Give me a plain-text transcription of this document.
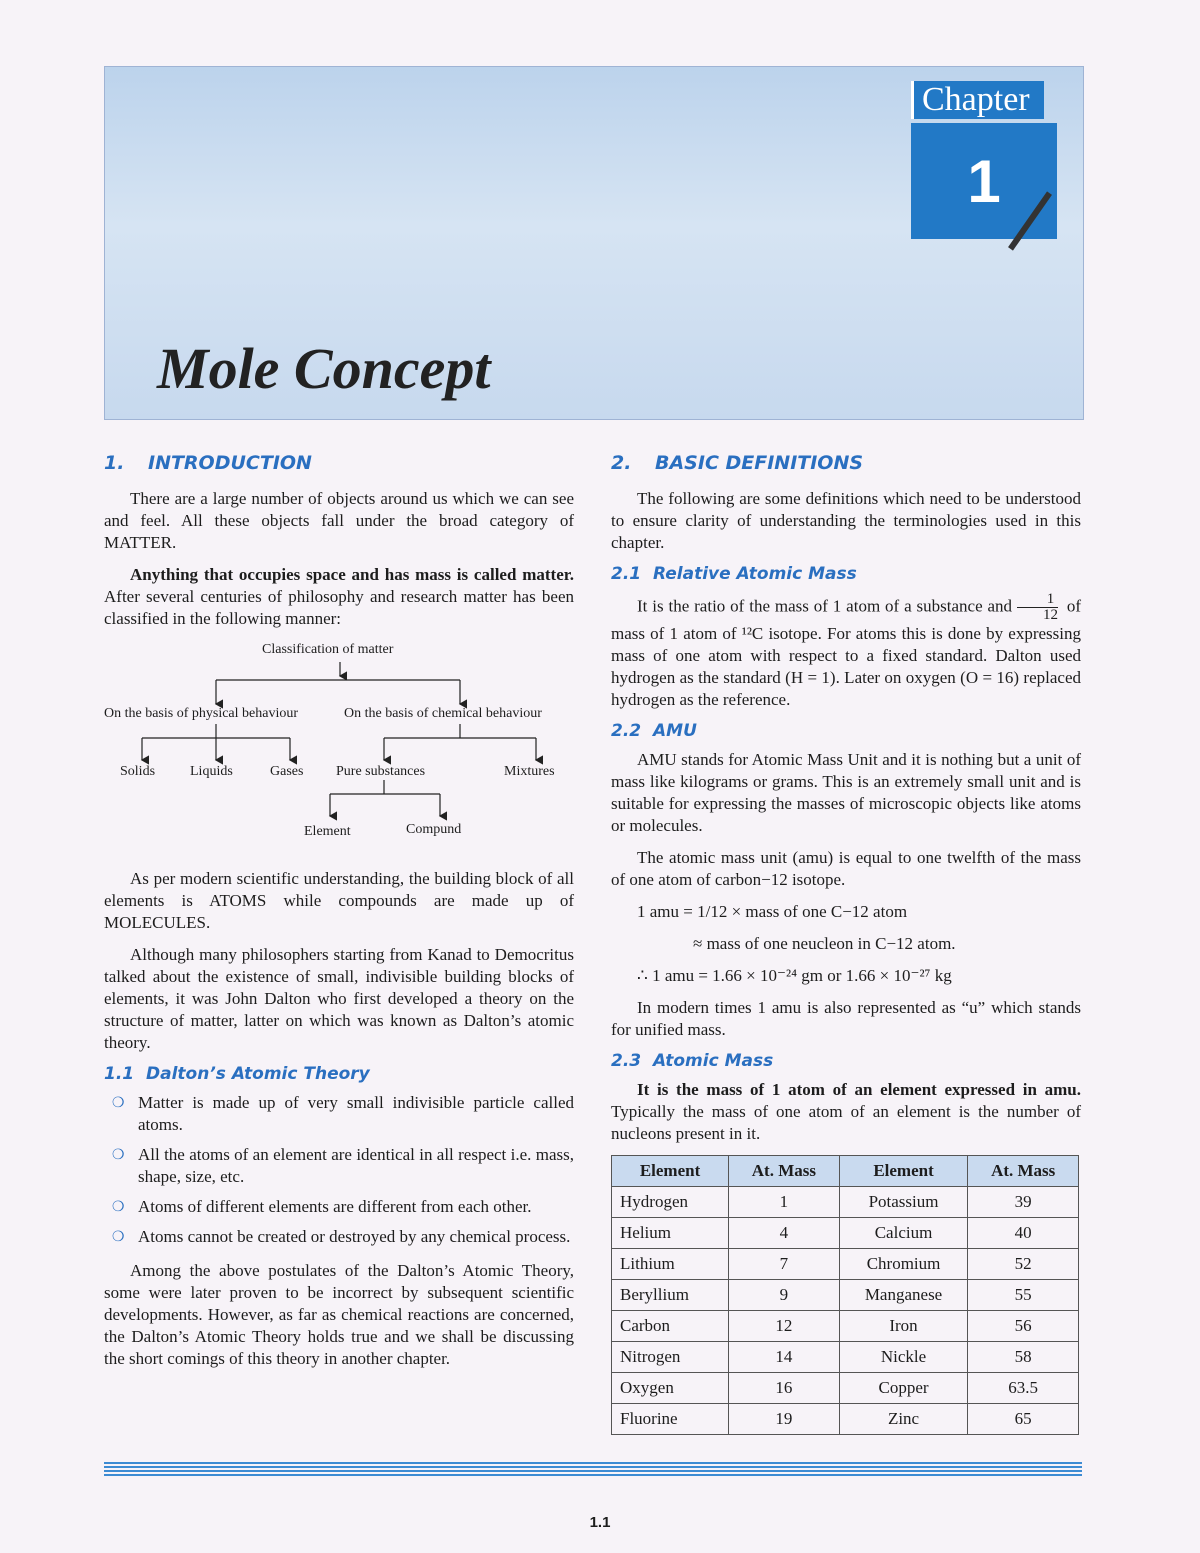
Chapter
1
Mole Concept
1. INTRODUCTION

There are a large number of objects around us which we can see and feel. All these objects fall under the broad category of MATTER.

Anything that occupies space and has mass is called matter. After several centuries of philosophy and research matter has been classified in the following manner:

Classification of matter
On the basis of physical behaviour	On the basis of chemical behaviour
Solids Liquids	Gases Pure substances	Mixtures
Element	Compund

As per modern scientific understanding, the building block of all elements is ATOMS while compounds are made up of MOLECULES.

Although many philosophers starting from Kanad to Democritus talked about the existence of small, indivisible building blocks of elements, it was John Dalton who first developed a theory on the structure of matter, latter on which was known as Dalton’s atomic theory.

1.1 Dalton’s Atomic Theory
❍ Matter is made up of very small indivisible particle called atoms.
❍ All the atoms of an element are identical in all respect i.e. mass, shape, size, etc.
❍ Atoms of different elements are different from each other.
❍ Atoms cannot be created or destroyed by any chemical process.

Among the above postulates of the Dalton’s Atomic Theory, some were later proven to be incorrect by subsequent scientific developments. However, as far as chemical reactions are concerned, the Dalton’s Atomic Theory holds true and we shall be discussing the short comings of this theory in another chapter.

2. BASIC DEFINITIONS

The following are some definitions which need to be understood to ensure clarity of understanding the terminologies used in this chapter.

2.1 Relative Atomic Mass

It is the ratio of the mass of 1 atom of a substance and $\frac{1}{12}$ of mass of 1 atom of ¹²C isotope. For atoms this is done by expressing mass of one atom with respect to a fixed standard. Dalton used hydrogen as the standard (H = 1). Later on oxygen (O = 16) replaced hydrogen as the reference.

2.2 AMU

AMU stands for Atomic Mass Unit and it is nothing but a unit of mass like kilograms or grams. This is an extremely small unit and is suitable for expressing the masses of microscopic objects like atoms or molecules.

The atomic mass unit (amu) is equal to one twelfth of the mass of one atom of carbon−12 isotope.

1 amu = 1/12 × mass of one C−12 atom
≈ mass of one neucleon in C−12 atom.
∴ 1 amu = 1.66 × 10⁻²⁴ gm or 1.66 × 10⁻²⁷ kg

In modern times 1 amu is also represented as “u” which stands for unified mass.

2.3 Atomic Mass

It is the mass of 1 atom of an element expressed in amu. Typically the mass of one atom of an element is the number of nucleons present in it.

Element	At. Mass	Element	At. Mass
Hydrogen	1	Potassium	39
Helium	4	Calcium	40
Lithium	7	Chromium	52
Beryllium	9	Manganese	55
Carbon	12	Iron	56
Nitrogen	14	Nickle	58
Oxygen	16	Copper	63.5
Fluorine	19	Zinc	65
1.1
